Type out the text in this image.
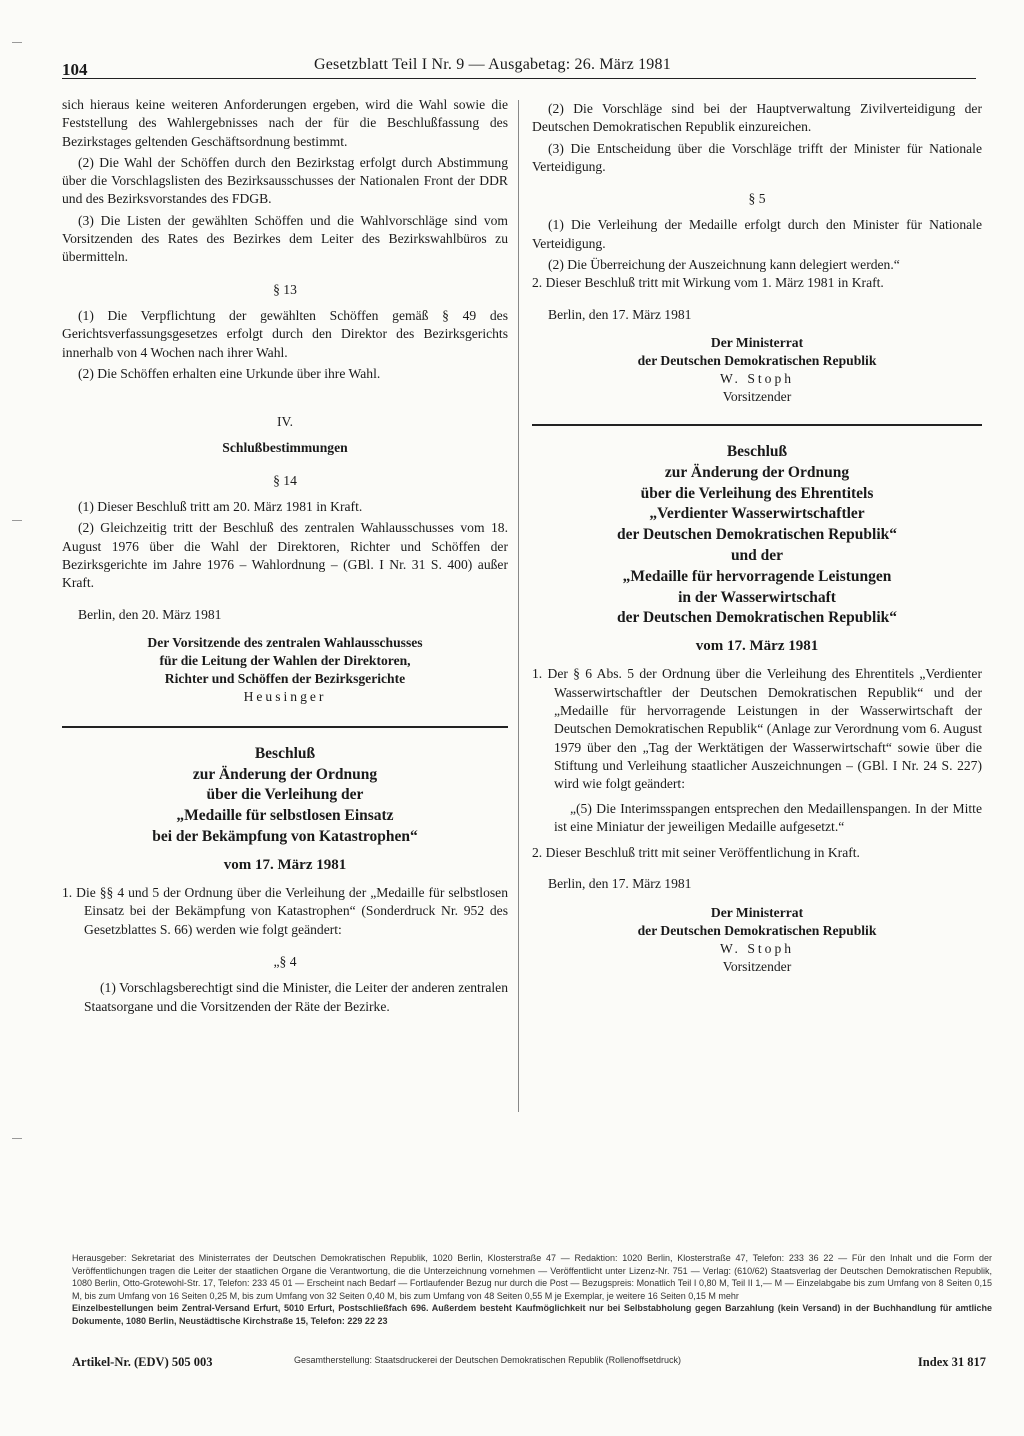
104	Gesetzblatt Teil I Nr. 9 — Ausgabetag: 26. März 1981

sich hieraus keine weiteren Anforderungen ergeben, wird die Wahl sowie die Feststellung des Wahlergebnisses nach der für die Beschlußfassung des Bezirkstages geltenden Geschäftsordnung bestimmt.

(2) Die Wahl der Schöffen durch den Bezirkstag erfolgt durch Abstimmung über die Vorschlagslisten des Bezirksausschusses der Nationalen Front der DDR und des Bezirksvorstandes des FDGB.

(3) Die Listen der gewählten Schöffen und die Wahlvorschläge sind vom Vorsitzenden des Rates des Bezirkes dem Leiter des Bezirkswahlbüros zu übermitteln.

§ 13

(1) Die Verpflichtung der gewählten Schöffen gemäß § 49 des Gerichtsverfassungsgesetzes erfolgt durch den Direktor des Bezirksgerichts innerhalb von 4 Wochen nach ihrer Wahl.

(2) Die Schöffen erhalten eine Urkunde über ihre Wahl.

IV.
Schlußbestimmungen
§ 14

(1) Dieser Beschluß tritt am 20. März 1981 in Kraft.

(2) Gleichzeitig tritt der Beschluß des zentralen Wahlausschusses vom 18. August 1976 über die Wahl der Direktoren, Richter und Schöffen der Bezirksgerichte im Jahre 1976 – Wahlordnung – (GBl. I Nr. 31 S. 400) außer Kraft.

Berlin, den 20. März 1981

Der Vorsitzende des zentralen Wahlausschusses
für die Leitung der Wahlen der Direktoren,
Richter und Schöffen der Bezirksgerichte
Heusinger
Beschluß
zur Änderung der Ordnung
über die Verleihung der
„Medaille für selbstlosen Einsatz
bei der Bekämpfung von Katastrophen“
vom 17. März 1981

1. Die §§ 4 und 5 der Ordnung über die Verleihung der „Medaille für selbstlosen Einsatz bei der Bekämpfung von Katastrophen“ (Sonderdruck Nr. 952 des Gesetzblattes S. 66) werden wie folgt geändert:

„§ 4

(1) Vorschlagsberechtigt sind die Minister, die Leiter der anderen zentralen Staatsorgane und die Vorsitzenden der Räte der Bezirke.

(2) Die Vorschläge sind bei der Hauptverwaltung Zivilverteidigung der Deutschen Demokratischen Republik einzureichen.

(3) Die Entscheidung über die Vorschläge trifft der Minister für Nationale Verteidigung.

§ 5

(1) Die Verleihung der Medaille erfolgt durch den Minister für Nationale Verteidigung.

(2) Die Überreichung der Auszeichnung kann delegiert werden.“

2. Dieser Beschluß tritt mit Wirkung vom 1. März 1981 in Kraft.

Berlin, den 17. März 1981

Der Ministerrat
der Deutschen Demokratischen Republik
W. Stoph
Vorsitzender
Beschluß
zur Änderung der Ordnung
über die Verleihung des Ehrentitels
„Verdienter Wasserwirtschaftler
der Deutschen Demokratischen Republik“
und der
„Medaille für hervorragende Leistungen
in der Wasserwirtschaft
der Deutschen Demokratischen Republik“
vom 17. März 1981

1. Der § 6 Abs. 5 der Ordnung über die Verleihung des Ehrentitels „Verdienter Wasserwirtschaftler der Deutschen Demokratischen Republik“ und der „Medaille für hervorragende Leistungen in der Wasserwirtschaft der Deutschen Demokratischen Republik“ (Anlage zur Verordnung vom 6. August 1979 über den „Tag der Werktätigen der Wasserwirtschaft“ sowie über die Stiftung und Verleihung staatlicher Auszeichnungen – (GBl. I Nr. 24 S. 227) wird wie folgt geändert:

„(5) Die Interimsspangen entsprechen den Medaillenspangen. In der Mitte ist eine Miniatur der jeweiligen Medaille aufgesetzt.“

2. Dieser Beschluß tritt mit seiner Veröffentlichung in Kraft.

Berlin, den 17. März 1981

Der Ministerrat
der Deutschen Demokratischen Republik
W. Stoph
Vorsitzender

Herausgeber: Sekretariat des Ministerrates der Deutschen Demokratischen Republik, 1020 Berlin, Klosterstraße 47 — Redaktion: 1020 Berlin, Klosterstraße 47, Telefon: 233 36 22 — Für den Inhalt und die Form der Veröffentlichungen tragen die Leiter der staatlichen Organe die Verantwortung, die die Unterzeichnung vornehmen — Veröffentlicht unter Lizenz-Nr. 751 — Verlag: (610/62) Staatsverlag der Deutschen Demokratischen Republik, 1080 Berlin, Otto-Grotewohl-Str. 17, Telefon: 233 45 01 — Erscheint nach Bedarf — Fortlaufender Bezug nur durch die Post — Bezugspreis: Monatlich Teil I 0,80 M, Teil II 1,— M — Einzelabgabe bis zum Umfang von 8 Seiten 0,15 M, bis zum Umfang von 16 Seiten 0,25 M, bis zum Umfang von 32 Seiten 0,40 M, bis zum Umfang von 48 Seiten 0,55 M je Exemplar, je weitere 16 Seiten 0,15 M mehr

Einzelbestellungen beim Zentral-Versand Erfurt, 5010 Erfurt, Postschließfach 696. Außerdem besteht Kaufmöglichkeit nur bei Selbstabholung gegen Barzahlung (kein Versand) in der Buchhandlung für amtliche Dokumente, 1080 Berlin, Neustädtische Kirchstraße 15, Telefon: 229 22 23

Artikel-Nr. (EDV) 505 003	Gesamtherstellung: Staatsdruckerei der Deutschen Demokratischen Republik (Rollenoffsetdruck)	Index 31 817
